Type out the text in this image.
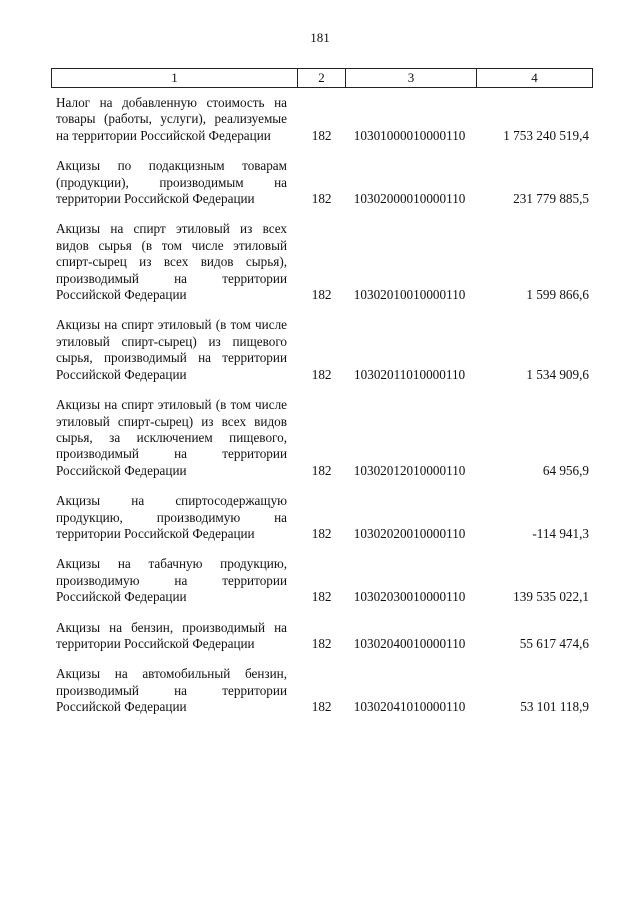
181
1	2	3	4
Налог на добавленную стоимость на товары (работы, услуги), реализуемые на территории Российской Федерации	182	10301000010000110	1 753 240 519,4
Акцизы по подакцизным товарам (продукции), производимым на территории Российской Федерации	182	10302000010000110	231 779 885,5
Акцизы на спирт этиловый из всех видов сырья (в том числе этиловый спирт-сырец из всех видов сырья), производимый на территории Российской Федерации	182	10302010010000110	1 599 866,6
Акцизы на спирт этиловый (в том числе этиловый спирт-сырец) из пищевого сырья, производимый на территории Российской Федерации	182	10302011010000110	1 534 909,6
Акцизы на спирт этиловый (в том числе этиловый спирт-сырец) из всех видов сырья, за исключением пищевого, производимый на территории Российской Федерации	182	10302012010000110	64 956,9
Акцизы на спиртосодержащую продукцию, производимую на территории Российской Федерации	182	10302020010000110	-114 941,3
Акцизы на табачную продукцию, производимую на территории Российской Федерации	182	10302030010000110	139 535 022,1
Акцизы на бензин, производимый на территории Российской Федерации	182	10302040010000110	55 617 474,6
Акцизы на автомобильный бензин, производимый на территории Российской Федерации	182	10302041010000110	53 101 118,9
